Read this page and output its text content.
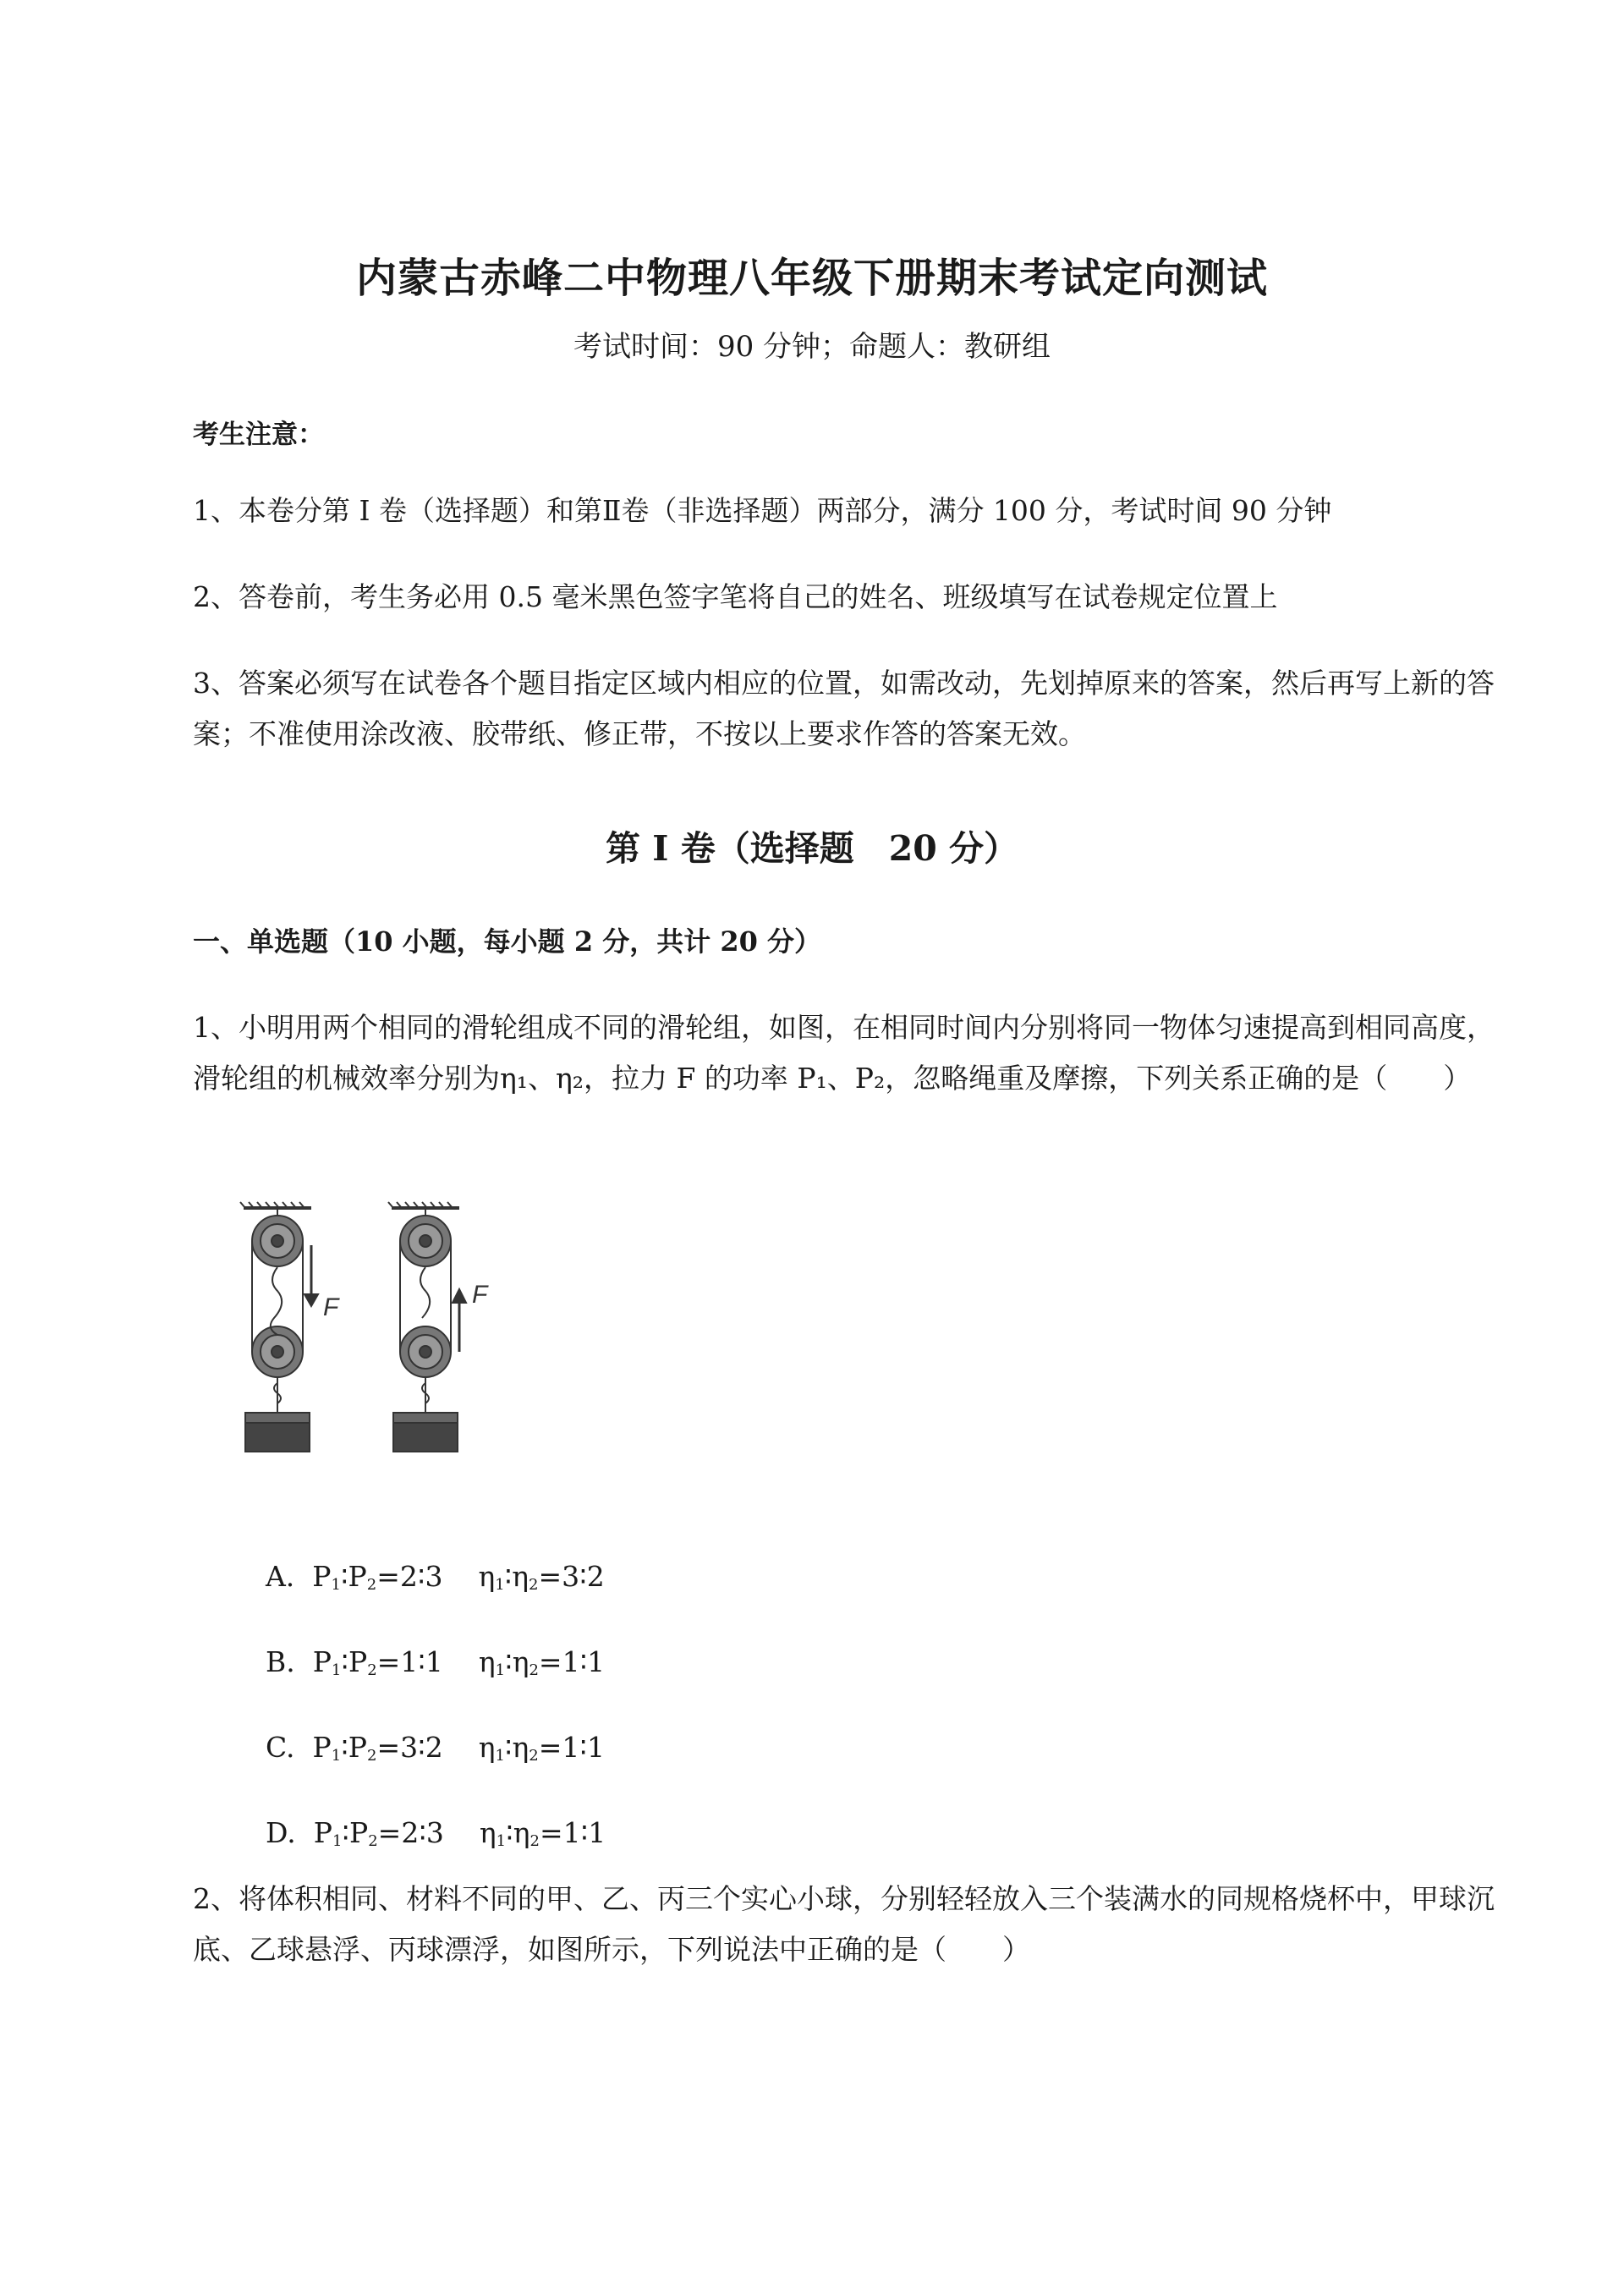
内蒙古赤峰二中物理八年级下册期末考试定向测试
考试时间：90 分钟；命题人：教研组
考生注意：
1、本卷分第 I 卷（选择题）和第Ⅱ卷（非选择题）两部分，满分 100 分，考试时间 90 分钟
2、答卷前，考生务必用 0.5 毫米黑色签字笔将自己的姓名、班级填写在试卷规定位置上
3、答案必须写在试卷各个题目指定区域内相应的位置，如需改动，先划掉原来的答案，然后再写上新的答案；不准使用涂改液、胶带纸、修正带，不按以上要求作答的答案无效。
第 I 卷（选择题　20 分）
一、单选题（10 小题，每小题 2 分，共计 20 分）
1、小明用两个相同的滑轮组成不同的滑轮组，如图，在相同时间内分别将同一物体匀速提高到相同高度，滑轮组的机械效率分别为η₁、η₂，拉力 F 的功率 P₁、P₂，忽略绳重及摩擦，下列关系正确的是（　　）
F	F

A. $P_1∶P_2=2∶3$ $\eta_1∶\eta_2=3∶2$

B. $P_1∶P_2=1∶1$ $\eta_1∶\eta_2=1∶1$

C. $P_1∶P_2=3∶2$ $\eta_1∶\eta_2=1∶1$

D. $P_1∶P_2=2∶3$ $\eta_1∶\eta_2=1∶1$

2、将体积相同、材料不同的甲、乙、丙三个实心小球，分别轻轻放入三个装满水的同规格烧杯中，甲球沉底、乙球悬浮、丙球漂浮，如图所示，下列说法中正确的是（　　）
